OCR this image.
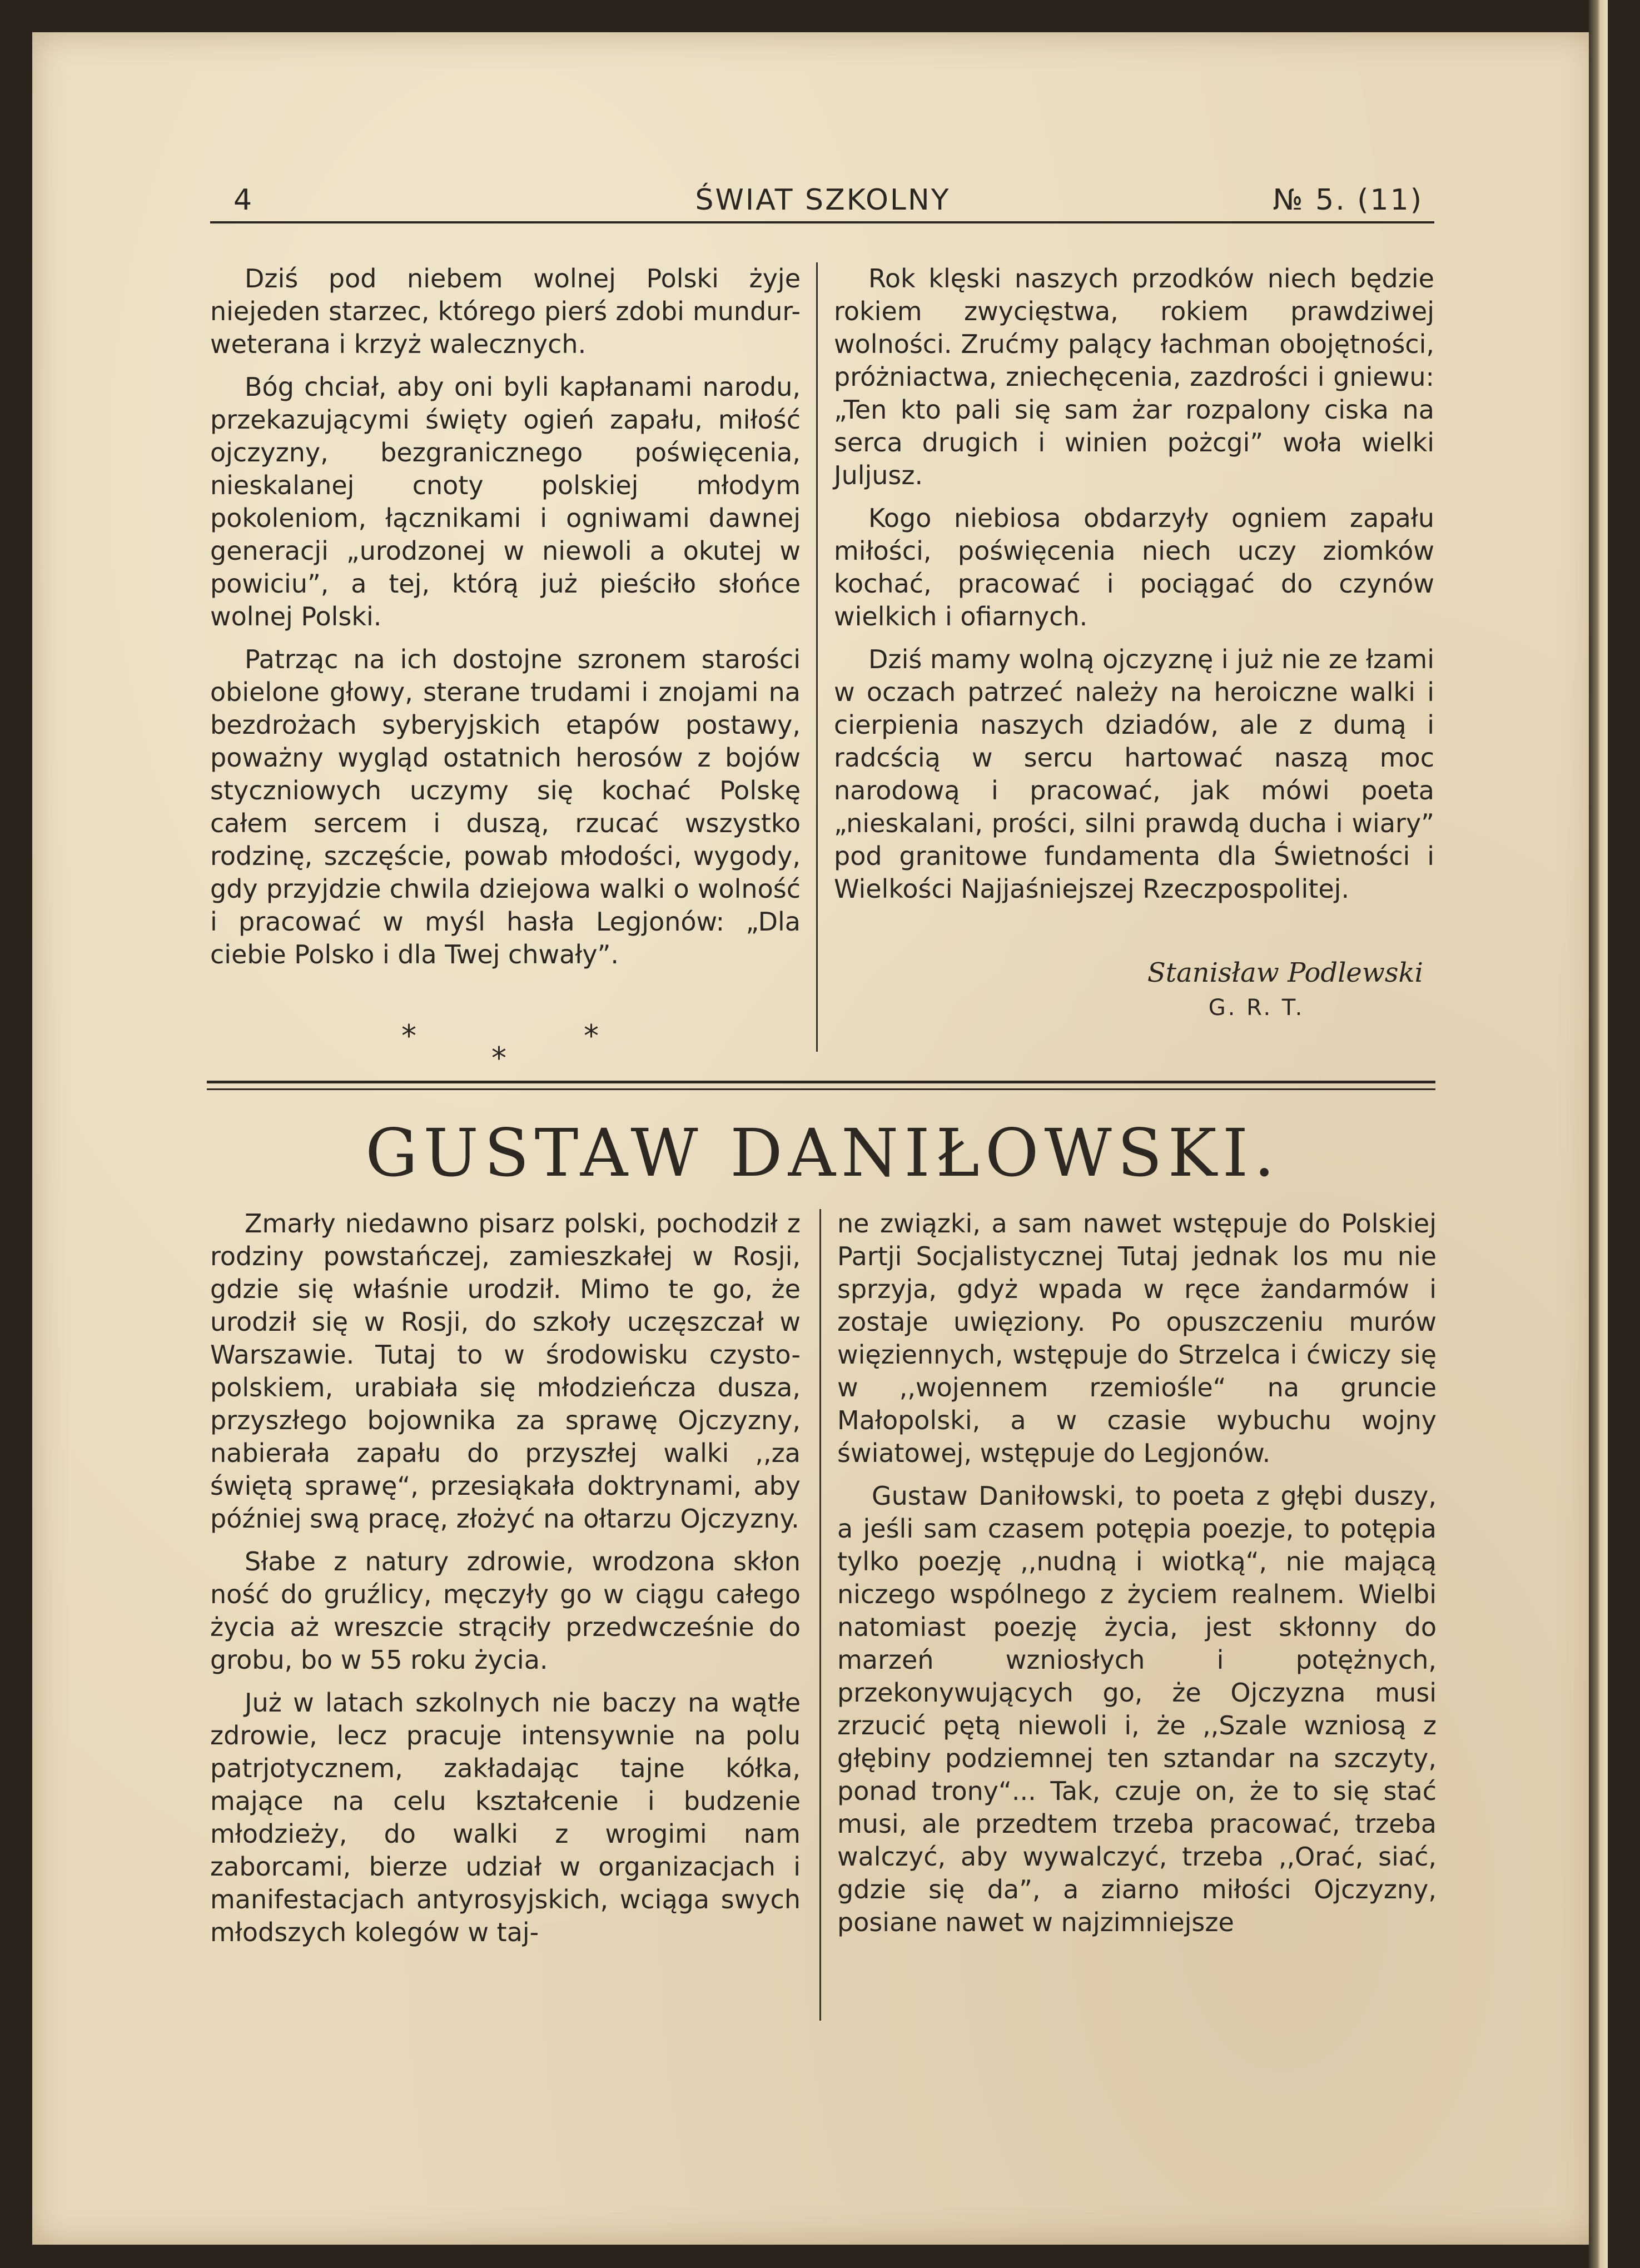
4	ŚWIAT SZKOLNY	№ 5. (11)

Dziś pod niebem wolnej Polski żyje niejeden starzec, którego pierś zdobi mundur-weterana i krzyż walecznych.

Bóg chciał, aby oni byli kapłanami narodu, przekazującymi święty ogień zapału, miłość ojczyzny, bezgranicznego poświęcenia, nieskalanej cnoty polskiej młodym pokoleniom, łącznikami i ogniwami dawnej generacji „urodzonej w niewoli a okutej w powiciu”, a tej, którą już pieściło słońce wolnej Polski.

Patrząc na ich dostojne szronem starości obielone głowy, sterane trudami i znojami na bezdrożach syberyjskich etapów postawy, poważny wygląd ostatnich herosów z bojów styczniowych uczymy się kochać Polskę całem sercem i duszą, rzucać wszystko rodzinę, szczęście, powab młodości, wygody, gdy przyjdzie chwila dziejowa walki o wolność i pracować w myśl hasła Legjonów: „Dla ciebie Polsko i dla Twej chwały”.

*
*
*

Rok klęski naszych przodków niech będzie rokiem zwycięstwa, rokiem prawdziwej wolności. Zrućmy palący łachman obojętności, próżniactwa, zniechęcenia, zazdrości i gniewu: „Ten kto pali się sam żar rozpalony ciska na serca drugich i winien pożcgi” woła wielki Juljusz.

Kogo niebiosa obdarzyły ogniem zapału miłości, poświęcenia niech uczy ziomków kochać, pracować i pociągać do czynów wielkich i ofiarnych.

Dziś mamy wolną ojczyznę i już nie ze łzami w oczach patrzeć należy na heroiczne walki i cierpienia naszych dziadów, ale z dumą i radcścią w sercu hartować naszą moc narodową i pracować, jak mówi poeta „nieskalani, prości, silni prawdą ducha i wiary” pod granitowe fundamenta dla Świetności i Wielkości Najjaśniejszej Rzeczpospolitej.

Stanisław Podlewski
G. R. T.
GUSTAW DANIŁOWSKI.

Zmarły niedawno pisarz polski, pochodził z rodziny powstańczej, zamieszkałej w Rosji, gdzie się właśnie urodził. Mimo te go, że urodził się w Rosji, do szkoły uczęszczał w Warszawie. Tutaj to w środowisku czysto-polskiem, urabiała się młodzieńcza dusza, przyszłego bojownika za sprawę Ojczyzny, nabierała zapału do przyszłej walki ,,za świętą sprawę“, przesiąkała doktrynami, aby później swą pracę, złożyć na ołtarzu Ojczyzny.

Słabe z natury zdrowie, wrodzona skłon ność do gruźlicy, męczyły go w ciągu całego życia aż wreszcie strąciły przedwcześnie do grobu, bo w 55 roku życia.

Już w latach szkolnych nie baczy na wątłe zdrowie, lecz pracuje intensywnie na polu patrjotycznem, zakładając tajne kółka, mające na celu kształcenie i budzenie młodzieży, do walki z wrogimi nam zaborcami, bierze udział w organizacjach i manifestacjach antyrosyjskich, wciąga swych młodszych kolegów w taj-

ne związki, a sam nawet wstępuje do Polskiej Partji Socjalistycznej Tutaj jednak los mu nie sprzyja, gdyż wpada w ręce żandarmów i zostaje uwięziony. Po opuszczeniu murów więziennych, wstępuje do Strzelca i ćwiczy się w ,,wojennem rzemiośle“ na gruncie Małopolski, a w czasie wybuchu wojny światowej, wstępuje do Legjonów.

Gustaw Daniłowski, to poeta z głębi duszy, a jeśli sam czasem potępia poezje, to potępia tylko poezję ,,nudną i wiotką“, nie mającą niczego wspólnego z życiem realnem. Wielbi natomiast poezję życia, jest skłonny do marzeń wzniosłych i potężnych, przekonywujących go, że Ojczyzna musi zrzucić pętą niewoli i, że ,,Szale wzniosą z głębiny podziemnej ten sztandar na szczyty, ponad trony“... Tak, czuje on, że to się stać musi, ale przedtem trzeba pracować, trzeba walczyć, aby wywalczyć, trzeba ,,Orać, siać, gdzie się da”, a ziarno miłości Ojczyzny, posiane nawet w najzimniejsze
